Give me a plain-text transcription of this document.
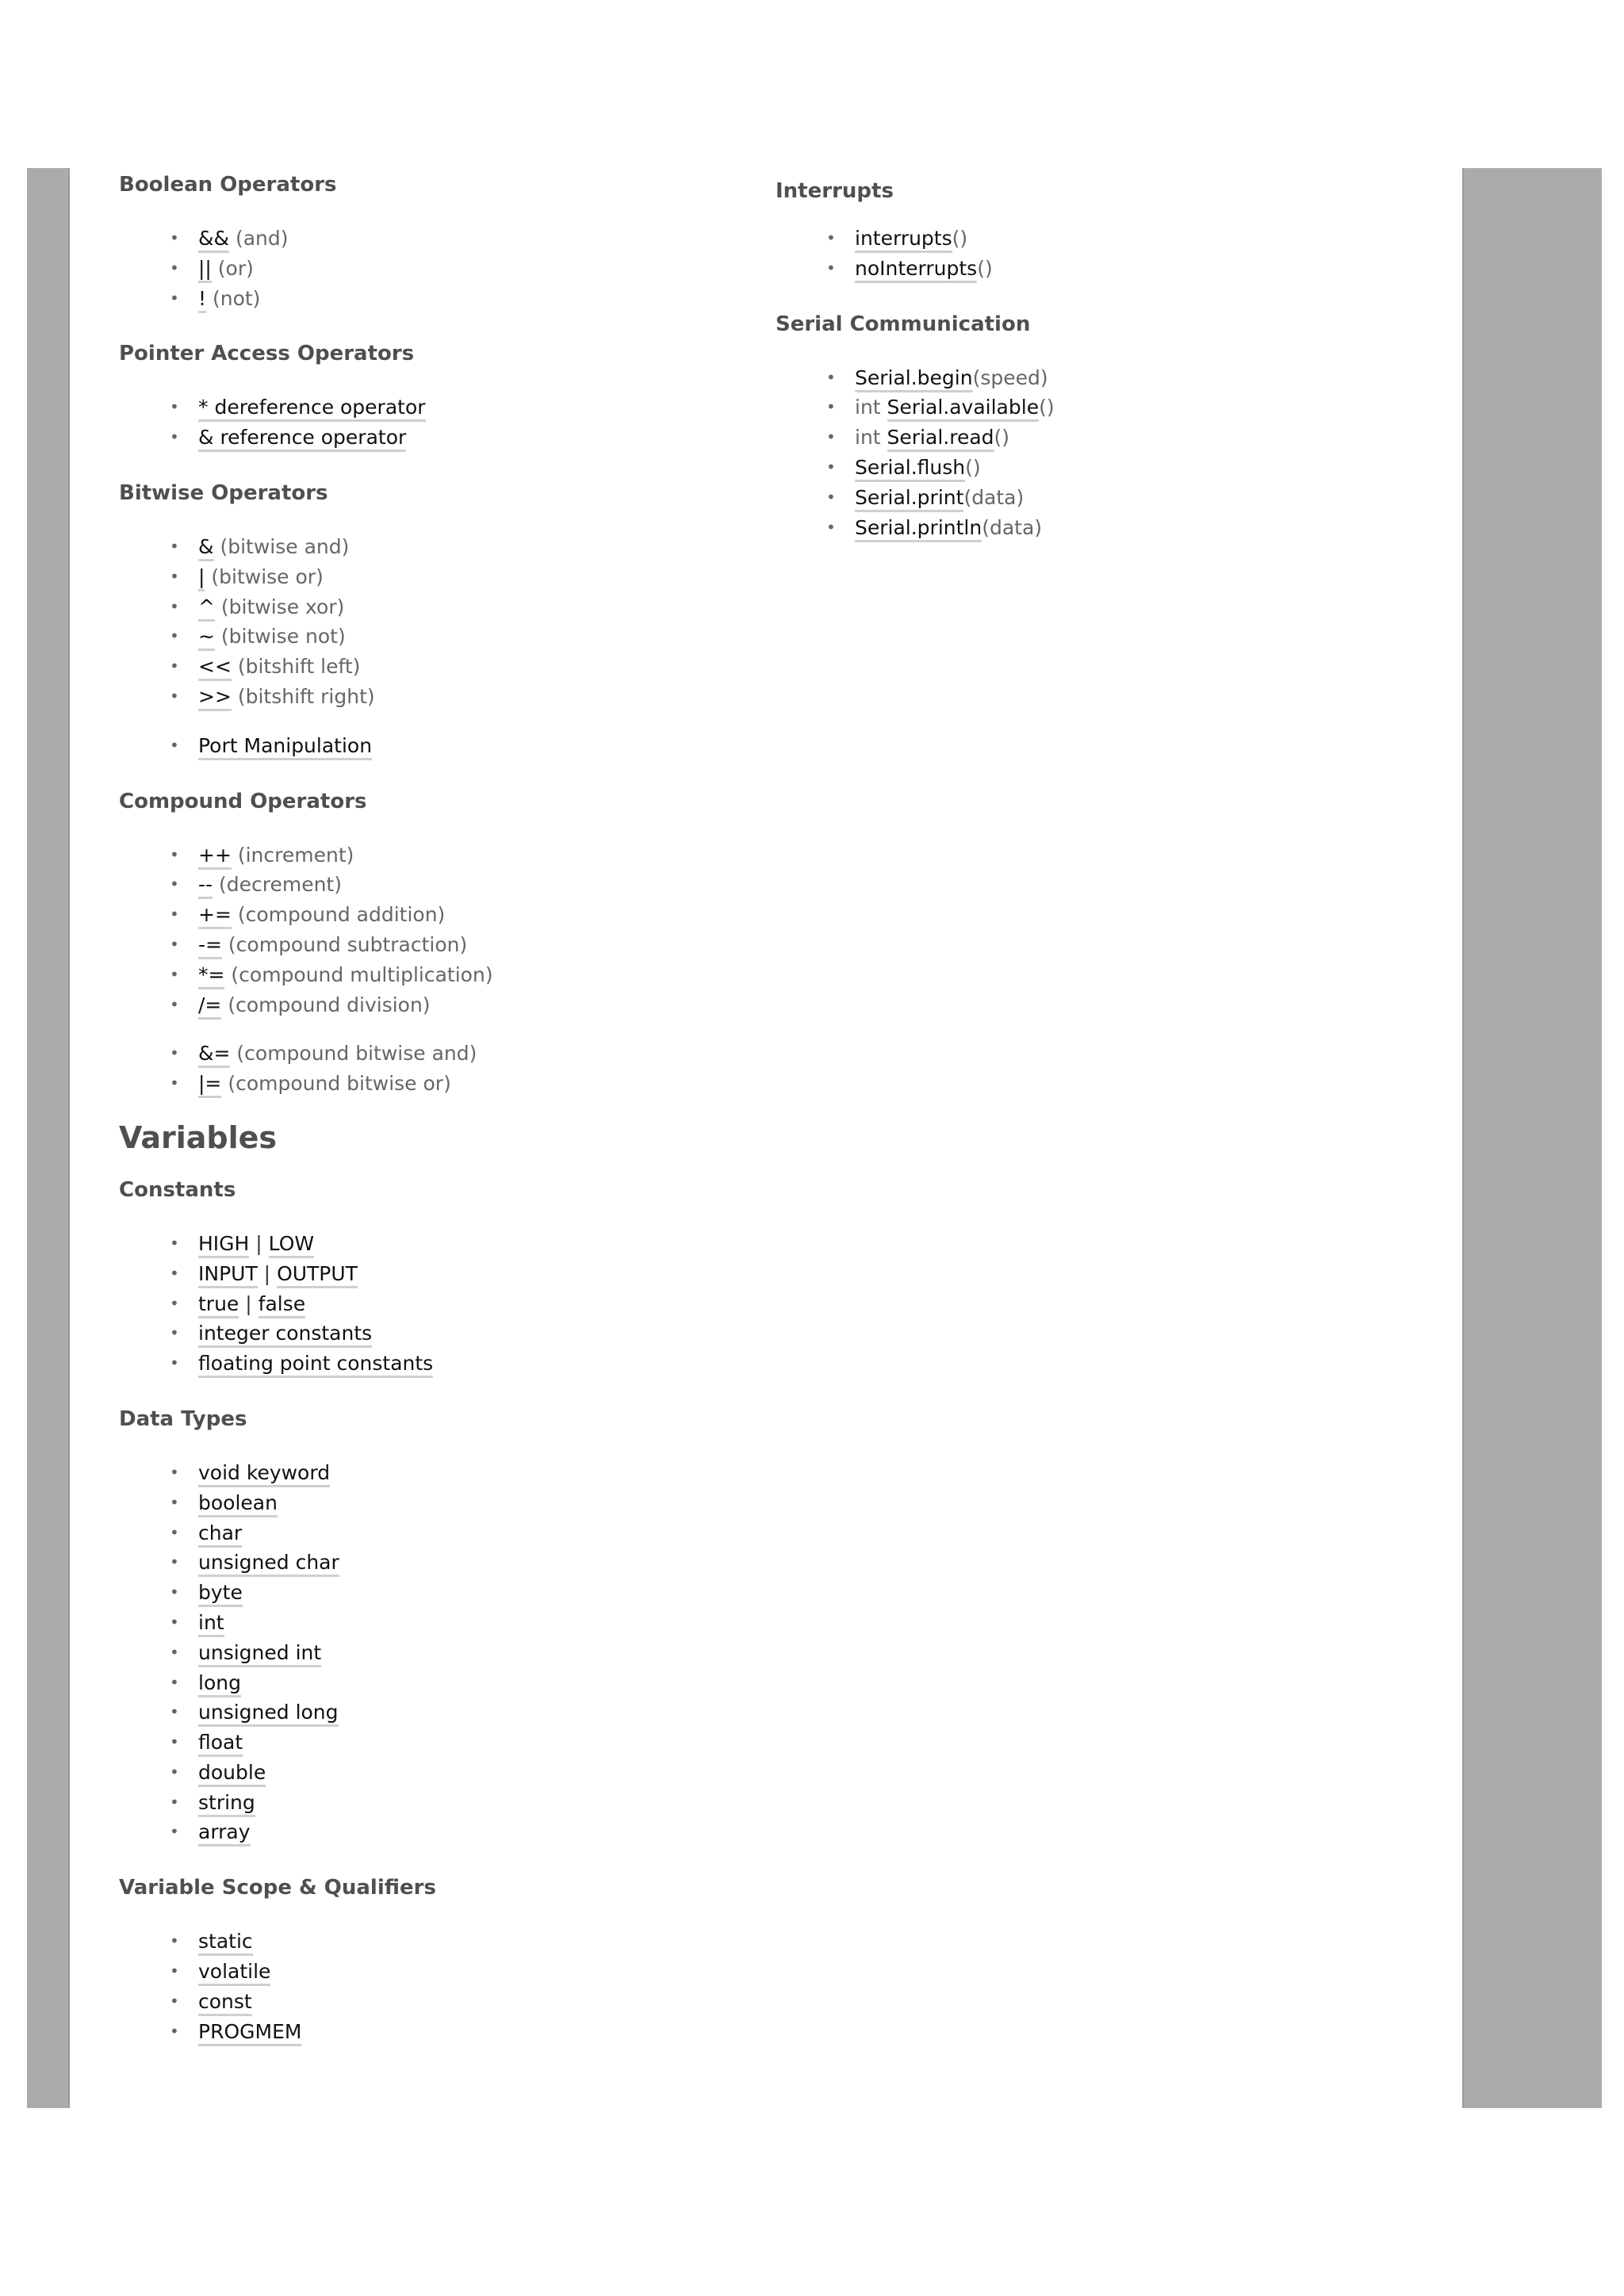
Boolean Operators
• && (and)
• || (or)
• ! (not)
Pointer Access Operators
• * dereference operator
• & reference operator
Bitwise Operators
• & (bitwise and)
• | (bitwise or)
• ^ (bitwise xor)
• ~ (bitwise not)
• << (bitshift left)
• >> (bitshift right)
• Port Manipulation
Compound Operators
• ++ (increment)
• -- (decrement)
• += (compound addition)
• -= (compound subtraction)
• *= (compound multiplication)
• /= (compound division)
• &= (compound bitwise and)
• |= (compound bitwise or)
Variables
Constants
• HIGH | LOW
• INPUT | OUTPUT
• true | false
• integer constants
• floating point constants
Data Types
• void keyword
• boolean
• char
• unsigned char
• byte
• int
• unsigned int
• long
• unsigned long
• float
• double
• string
• array
Variable Scope & Qualifiers
• static
• volatile
• const
• PROGMEM
Interrupts
• interrupts()
• noInterrupts()
Serial Communication
• Serial.begin(speed)
• int Serial.available()
• int Serial.read()
• Serial.flush()
• Serial.print(data)
• Serial.println(data)
